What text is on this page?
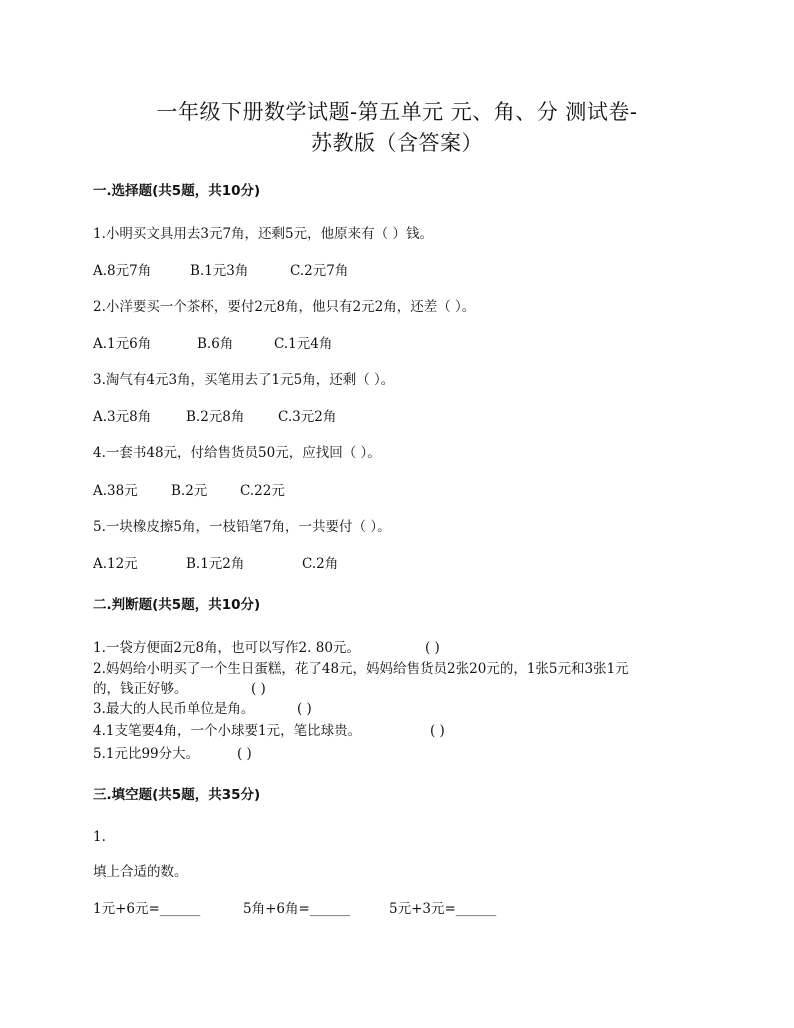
一年级下册数学试题-第五单元 元、角、分 测试卷-
苏教版（含答案）
一.选择题(共5题，共10分)
1.小明买文具用去3元7角，还剩5元，他原来有（ ）钱。
A.8元7角	B.1元3角	C.2元7角
2.小洋要买一个茶杯，要付2元8角，他只有2元2角，还差（ ）。
A.1元6角	B.6角	C.1元4角
3.淘气有4元3角，买笔用去了1元5角，还剩（ ）。
A.3元8角	B.2元8角 C.3元2角
4.一套书48元，付给售货员50元，应找回（ ）。
A.38元 B.2元 C.22元
5.一块橡皮擦5角，一枝铅笔7角，一共要付（ ）。
A.12元	B.1元2角	C.2角
二.判断题(共5题，共10分)
1.一袋方便面2元8角，也可以写作2. 80元。	( )
2.妈妈给小明买了一个生日蛋糕，花了48元，妈妈给售货员2张20元的，1张5元和3张1元
的，钱正好够。	( )
3.最大的人民币单位是角。	( )
4.1支笔要4角，一个小球要1元，笔比球贵。	( )
5.1元比99分大。	( )
三.填空题(共5题，共35分)
1.
填上合适的数。
1元+6元=______	5角+6角=______	5元+3元=______
